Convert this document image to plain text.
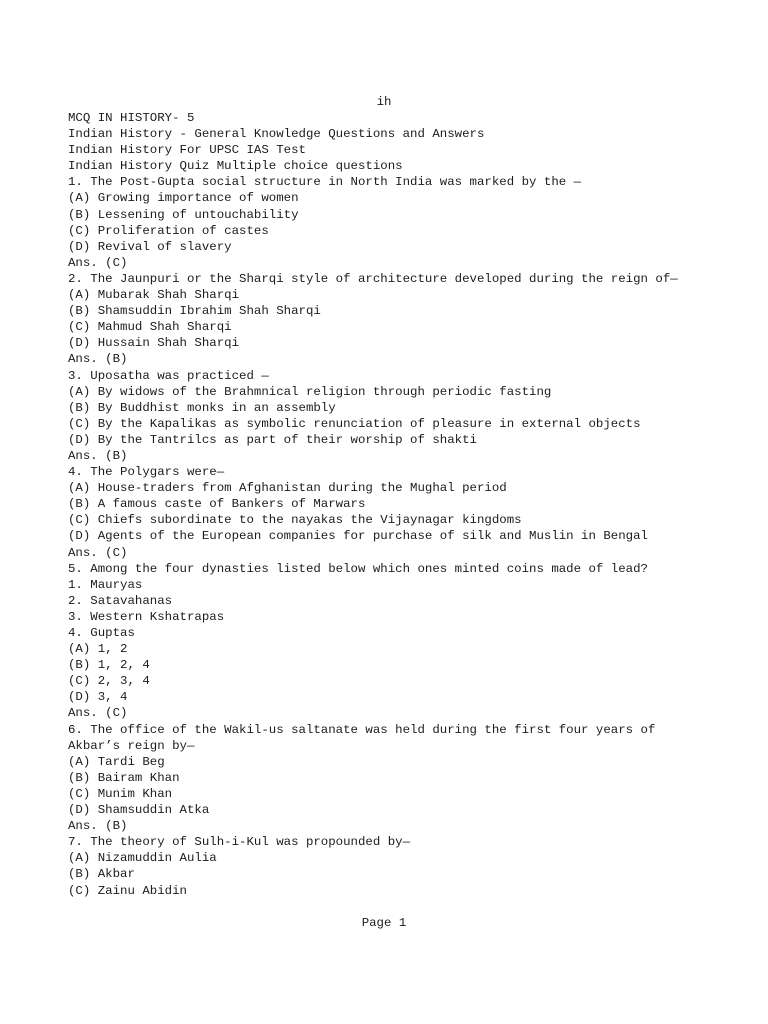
ih
MCQ IN HISTORY- 5
Indian History - General Knowledge Questions and Answers
Indian History For UPSC IAS Test
Indian History Quiz Multiple choice questions
1. The Post-Gupta social structure in North India was marked by the —
(A) Growing importance of women
(B) Lessening of untouchability
(C) Proliferation of castes
(D) Revival of slavery
Ans. (C)
2. The Jaunpuri or the Sharqi style of architecture developed during the reign of—
(A) Mubarak Shah Sharqi
(B) Shamsuddin Ibrahim Shah Sharqi
(C) Mahmud Shah Sharqi
(D) Hussain Shah Sharqi
Ans. (B)
3. Uposatha was practiced —
(A) By widows of the Brahmnical religion through periodic fasting
(B) By Buddhist monks in an assembly
(C) By the Kapalikas as symbolic renunciation of pleasure in external objects
(D) By the Tantrilcs as part of their worship of shakti
Ans. (B)
4. The Polygars were—
(A) House-traders from Afghanistan during the Mughal period
(B) A famous caste of Bankers of Marwars
(C) Chiefs subordinate to the nayakas the Vijaynagar kingdoms
(D) Agents of the European companies for purchase of silk and Muslin in Bengal
Ans. (C)
5. Among the four dynasties listed below which ones minted coins made of lead?
1. Mauryas
2. Satavahanas
3. Western Kshatrapas
4. Guptas
(A) 1, 2
(B) 1, 2, 4
(C) 2, 3, 4
(D) 3, 4
Ans. (C)
6. The office of the Wakil-us saltanate was held during the first four years of
Akbar’s reign by—
(A) Tardi Beg
(B) Bairam Khan
(C) Munim Khan
(D) Shamsuddin Atka
Ans. (B)
7. The theory of Sulh-i-Kul was propounded by—
(A) Nizamuddin Aulia
(B) Akbar
(C) Zainu Abidin
Page 1
